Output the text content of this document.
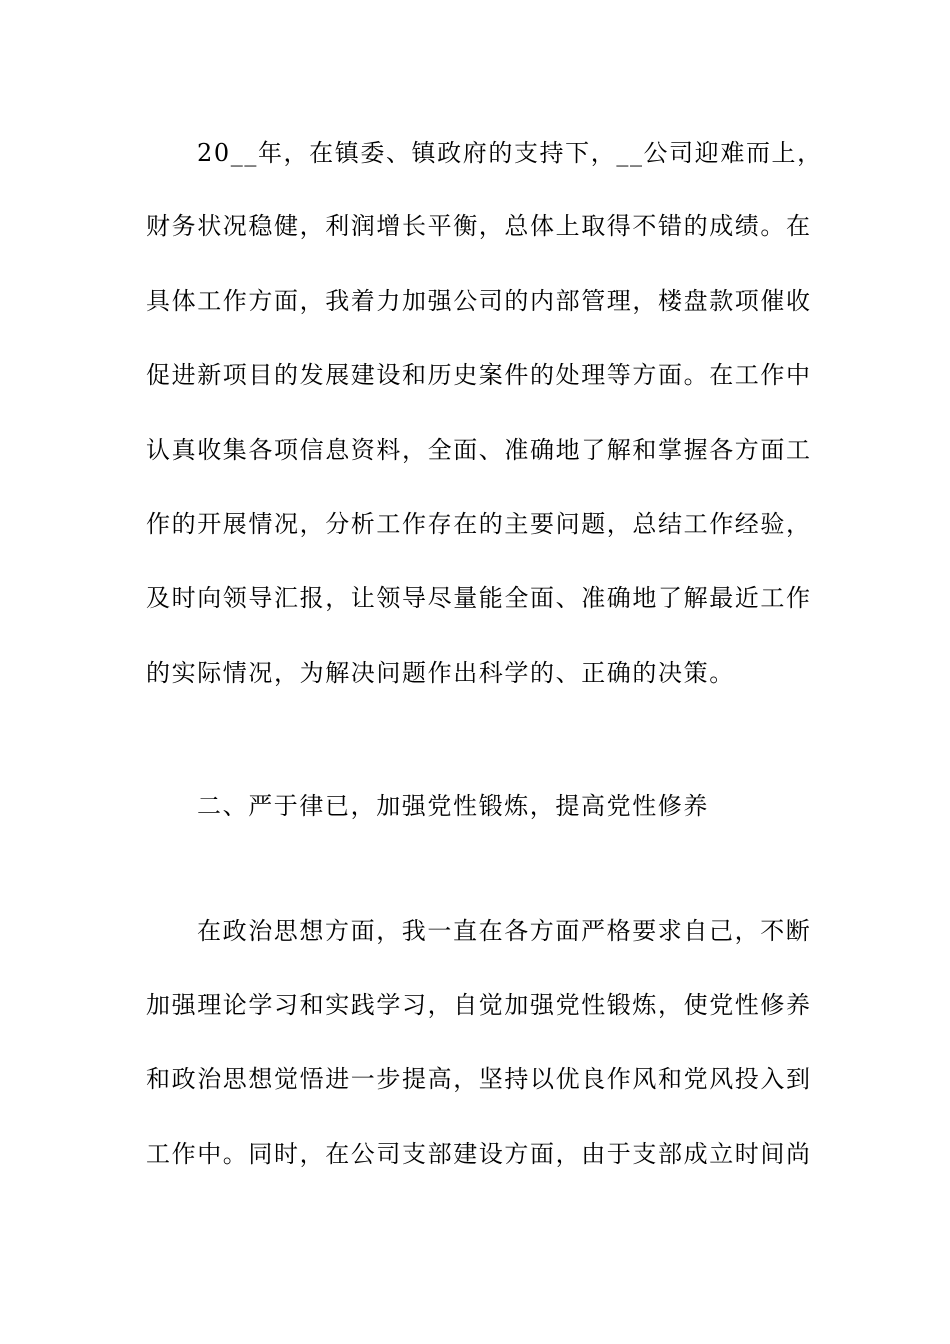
20__年，在镇委、镇政府的支持下，__公司迎难而上，
财务状况稳健，利润增长平衡，总体上取得不错的成绩。在
具体工作方面，我着力加强公司的内部管理，楼盘款项催收
促进新项目的发展建设和历史案件的处理等方面。在工作中
认真收集各项信息资料，全面、准确地了解和掌握各方面工
作的开展情况，分析工作存在的主要问题，总结工作经验，
及时向领导汇报，让领导尽量能全面、准确地了解最近工作
的实际情况，为解决问题作出科学的、正确的决策。
二、严于律已，加强党性锻炼，提高党性修养
在政治思想方面，我一直在各方面严格要求自己，不断
加强理论学习和实践学习，自觉加强党性锻炼，使党性修养
和政治思想觉悟进一步提高，坚持以优良作风和党风投入到
工作中。同时，在公司支部建设方面，由于支部成立时间尚
